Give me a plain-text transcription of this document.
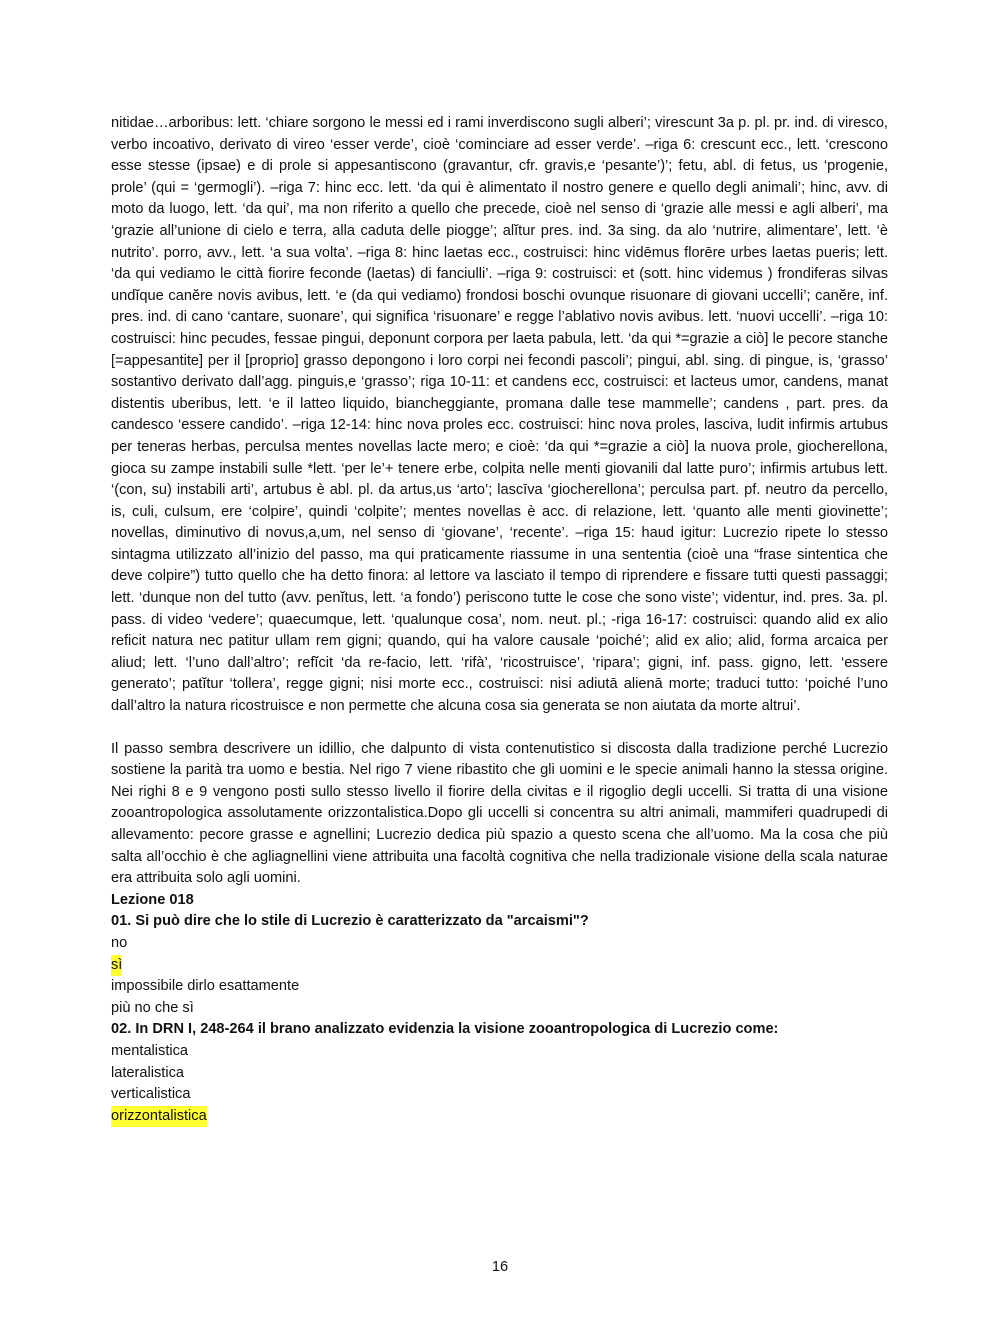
nitidae…arboribus: lett. ‘chiare sorgono le messi ed i rami inverdiscono sugli alberi’; virescunt 3a p. pl. pr. ind. di viresco, verbo incoativo, derivato di vireo ‘esser verde’, cioè ‘cominciare ad esser verde’. –riga 6: crescunt ecc., lett. ‘crescono esse stesse (ipsae) e di prole si appesantiscono (gravantur, cfr. gravis,e ‘pesante’)’; fetu, abl. di fetus, us ‘progenie, prole’ (qui = ‘germogli’). –riga 7: hinc ecc. lett. ‘da qui è alimentato il nostro genere e quello degli animali’; hinc, avv. di moto da luogo, lett. ‘da qui’, ma non riferito a quello che precede, cioè nel senso di ‘grazie alle messi e agli alberi’, ma ‘grazie all’unione di cielo e terra, alla caduta delle piogge’; alĭtur pres. ind. 3a sing. da alo ‘nutrire, alimentare’, lett. ‘è nutrito’. porro, avv., lett. ‘a sua volta’. –riga 8: hinc laetas ecc., costruisci: hinc vidēmus florēre urbes laetas pueris; lett. ‘da qui vediamo le città fiorire feconde (laetas) di fanciulli’. –riga 9: costruisci: et (sott. hinc videmus ) frondiferas silvas undĭque canĕre novis avibus, lett. ‘e (da qui vediamo) frondosi boschi ovunque risuonare di giovani uccelli’; canĕre, inf. pres. ind. di cano ‘cantare, suonare’, qui significa ‘risuonare’ e regge l’ablativo novis avibus. lett. ‘nuovi uccelli’. –riga 10: costruisci: hinc pecudes, fessae pingui, deponunt corpora per laeta pabula, lett. ‘da qui *=grazie a ciò] le pecore stanche [=appesantite] per il [proprio] grasso depongono i loro corpi nei fecondi pascoli’; pingui, abl. sing. di pingue, is, ‘grasso’ sostantivo derivato dall’agg. pinguis,e ‘grasso’; riga 10-11: et candens ecc, costruisci: et lacteus umor, candens, manat distentis uberibus, lett. ‘e il latteo liquido, biancheggiante, promana dalle tese mammelle’; candens , part. pres. da candesco ‘essere candido’. –riga 12-14: hinc nova proles ecc. costruisci: hinc nova proles, lasciva, ludit infirmis artubus per teneras herbas, perculsa mentes novellas lacte mero; e cioè: ‘da qui *=grazie a ciò] la nuova prole, giocherellona, gioca su zampe instabili sulle *lett. ‘per le’+ tenere erbe, colpita nelle menti giovanili dal latte puro’; infirmis artubus lett. ‘(con, su) instabili arti’, artubus è abl. pl. da artus,us ‘arto’; lascīva ‘giocherellona’; perculsa part. pf. neutro da percello, is, culi, culsum, ere ‘colpire’, quindi ‘colpite’; mentes novellas è acc. di relazione, lett. ‘quanto alle menti giovinette’; novellas, diminutivo di novus,a,um, nel senso di ‘giovane’, ‘recente’. –riga 15: haud igitur: Lucrezio ripete lo stesso sintagma utilizzato all’inizio del passo, ma qui praticamente riassume in una sententia (cioè una “frase sintentica che deve colpire”) tutto quello che ha detto finora: al lettore va lasciato il tempo di riprendere e fissare tutti questi passaggi; lett. ‘dunque non del tutto (avv. penĭtus, lett. ‘a fondo’) periscono tutte le cose che sono viste’; videntur, ind. pres. 3a. pl. pass. di video ‘vedere’; quaecumque, lett. ‘qualunque cosa’, nom. neut. pl.; -riga 16-17: costruisci: quando alid ex alio reficit natura nec patitur ullam rem gigni; quando, qui ha valore causale ‘poiché’; alid ex alio; alid, forma arcaica per aliud; lett. ‘l’uno dall’altro’; refĭcit ‘da re-facio, lett. ‘rifà’, ‘ricostruisce’, ‘ripara’; gigni, inf. pass. gigno, lett. ‘essere generato’; patĭtur ‘tollera’, regge gigni; nisi morte ecc., costruisci: nisi adiutā alienā morte; traduci tutto: ‘poiché l’uno dall’altro la natura ricostruisce e non permette che alcuna cosa sia generata se non aiutata da morte altrui’.

Il passo sembra descrivere un idillio, che dalpunto di vista contenutistico si discosta dalla tradizione perché Lucrezio sostiene la parità tra uomo e bestia. Nel rigo 7 viene ribastito che gli uomini e le specie animali hanno la stessa origine. Nei righi 8 e 9 vengono posti sullo stesso livello il fiorire della civitas e il rigoglio degli uccelli. Si tratta di una visione zooantropologica assolutamente orizzontalistica.Dopo gli uccelli si concentra su altri animali, mammiferi quadrupedi di allevamento: pecore grasse e agnellini; Lucrezio dedica più spazio a questo scena che all’uomo. Ma la cosa che più salta all’occhio è che agliagnellini viene attribuita una facoltà cognitiva che nella tradizionale visione della scala naturae era attribuita solo agli uomini.

Lezione 018

01. Si può dire che lo stile di Lucrezio è caratterizzato da "arcaismi"?

no

sì

impossibile dirlo esattamente

più no che sì

02. In DRN I, 248-264 il brano analizzato evidenzia la visione zooantropologica di Lucrezio come:

mentalistica

lateralistica

verticalistica

orizzontalistica

16
